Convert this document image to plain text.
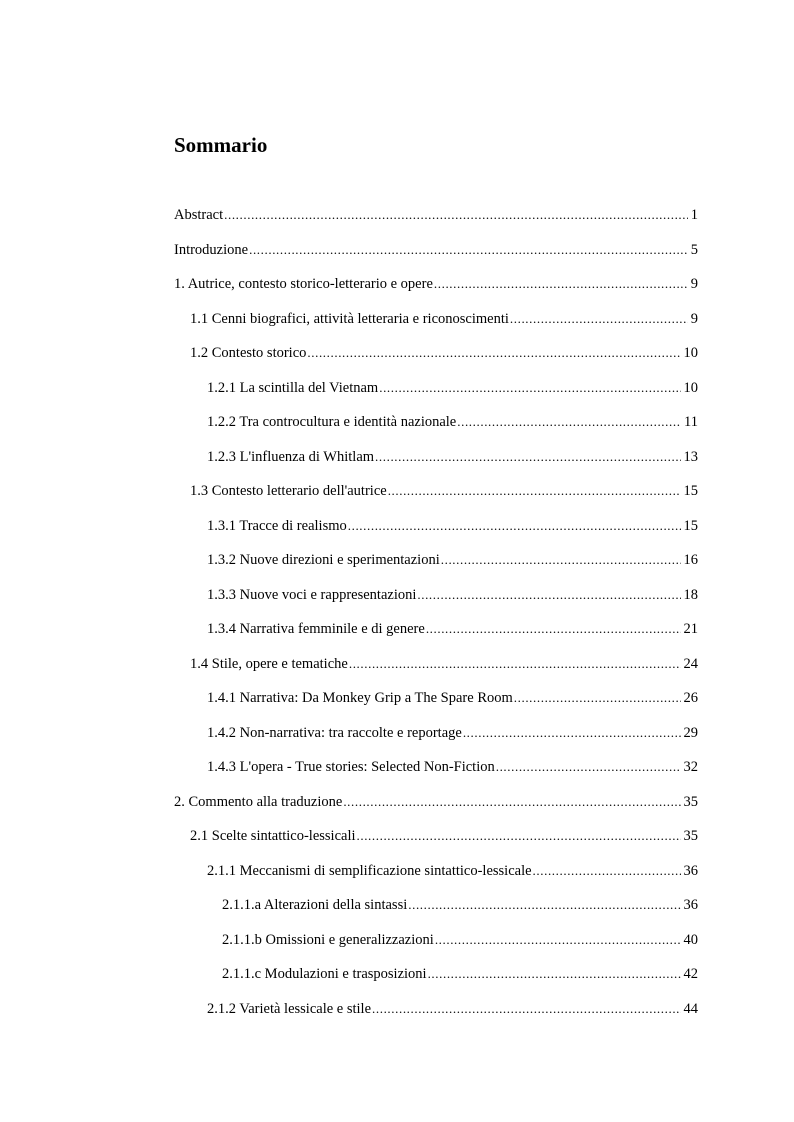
Sommario
Abstract .....	1
Introduzione .....	5
1. Autrice, contesto storico-letterario e opere .....	9
1.1 Cenni biografici, attività letteraria e riconoscimenti .....	9
1.2 Contesto storico .....	10
1.2.1 La scintilla del Vietnam .....	10
1.2.2 Tra controcultura e identità nazionale .....	11
1.2.3 L'influenza di Whitlam .....	13
1.3 Contesto letterario dell'autrice .....	15
1.3.1 Tracce di realismo .....	15
1.3.2 Nuove direzioni e sperimentazioni .....	16
1.3.3 Nuove voci e rappresentazioni .....	18
1.3.4 Narrativa femminile e di genere .....	21
1.4 Stile, opere e tematiche .....	24
1.4.1 Narrativa: Da Monkey Grip a The Spare Room .....	26
1.4.2 Non-narrativa: tra raccolte e reportage .....	29
1.4.3 L'opera - True stories: Selected Non-Fiction .....	32
2. Commento alla traduzione .....	35
2.1 Scelte sintattico-lessicali .....	35
2.1.1 Meccanismi di semplificazione sintattico-lessicale .....	36
2.1.1.a Alterazioni della sintassi .....	36
2.1.1.b Omissioni e generalizzazioni .....	40
2.1.1.c Modulazioni e trasposizioni .....	42
2.1.2 Varietà lessicale e stile .....	44
